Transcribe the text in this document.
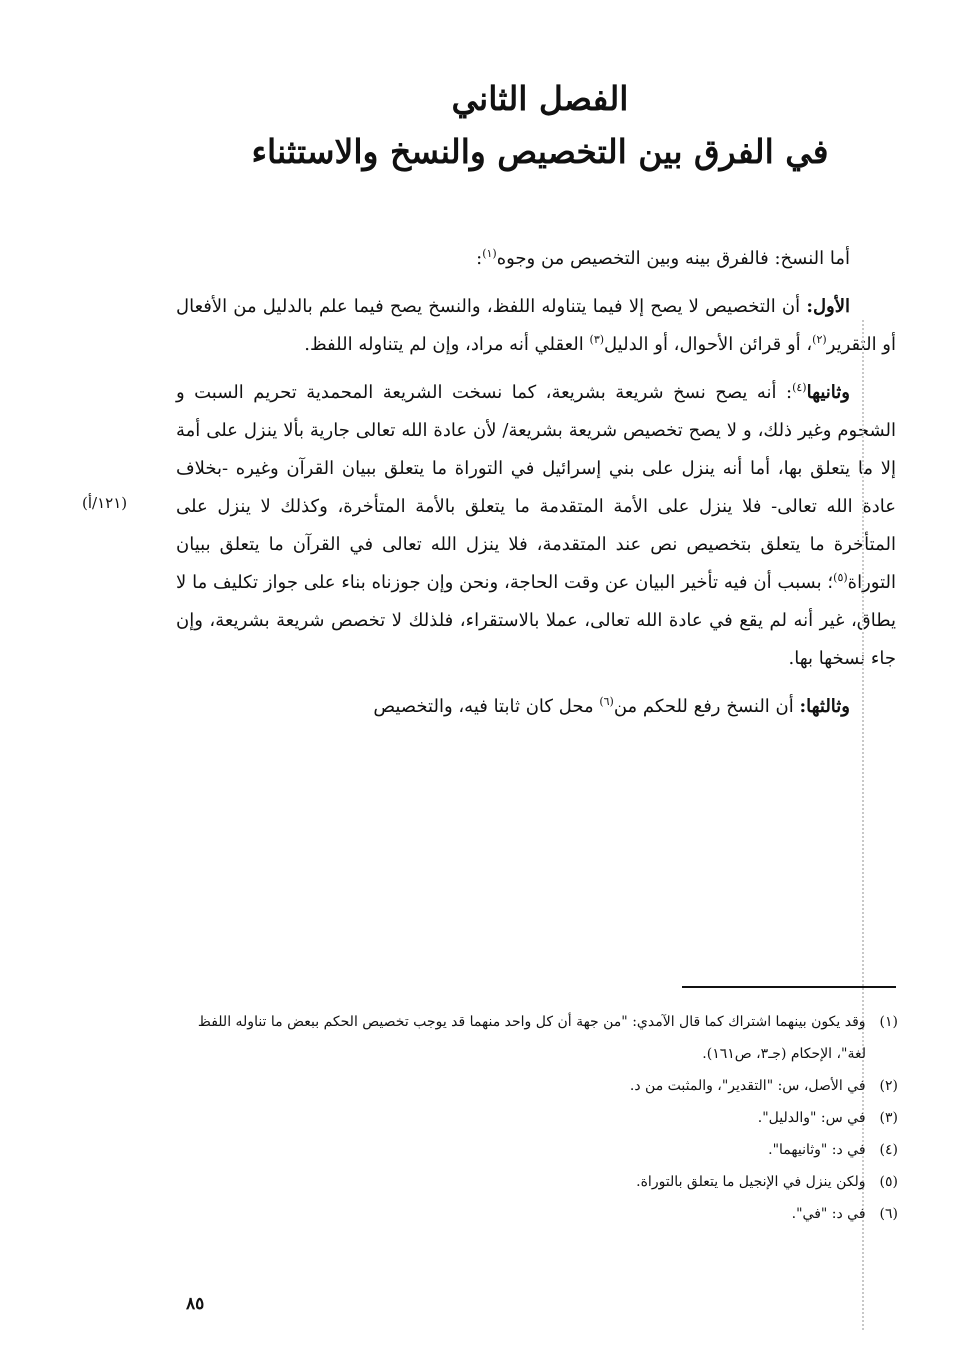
الفصل الثاني
في الفرق بين التخصيص والنسخ والاستثناء

أما النسخ: فالفرق بينه وبين التخصيص من وجوه$^{(١)}$:

الأول: أن التخصيص لا يصح إلا فيما يتناوله اللفظ، والنسخ يصح فيما علم بالدليل من الأفعال أو التقرير$^{(٢)}$، أو قرائن الأحوال، أو الدليل$^{(٣)}$ العقلي أنه مراد، وإن لم يتناوله اللفظ.

وثانيها$^{(٤)}$: أنه يصح نسخ شريعة بشريعة، كما نسخت الشريعة المحمدية تحريم السبت و الشحوم وغير ذلك، و لا يصح تخصيص شريعة بشريعة/ لأن عادة الله تعالى جارية بألا ينزل على أمة إلا ما يتعلق بها، أما أنه ينزل على بني إسرائيل في التوراة ما يتعلق ببيان القرآن وغيره -بخلاف عادة الله تعالى- فلا ينزل على الأمة المتقدمة ما يتعلق بالأمة المتأخرة، وكذلك لا ينزل على المتأخرة ما يتعلق بتخصيص نص عند المتقدمة، فلا ينزل الله تعالى في القرآن ما يتعلق ببيان التوراة$^{(٥)}$؛ بسبب أن فيه تأخير البيان عن وقت الحاجة، ونحن وإن جوزناه بناء على جواز تكليف ما لا يطاق، غير أنه لم يقع في عادة الله تعالى، عملا بالاستقراء، فلذلك لا تخصص شريعة بشريعة، وإن جاء نسخها بها.

وثالثها: أن النسخ رفع للحكم من$^{(٦)}$ محل كان ثابتا فيه، والتخصيص

(١٢١/أ)

(١) وقد يكون بينهما اشتراك كما قال الآمدي: "من جهة أن كل واحد منهما قد يوجب تخصيص الحكم ببعض ما تناوله اللفظ لغة"، الإحكام (جـ٣، ص١٦١).

(٢) في الأصل، س: "التقدير"، والمثبت من د.

(٣) في س: "والدليل".

(٤) في د: "وثانيهما".

(٥) ولكن ينزل في الإنجيل ما يتعلق بالتوراة.

(٦) في د: "في".

٨٥
